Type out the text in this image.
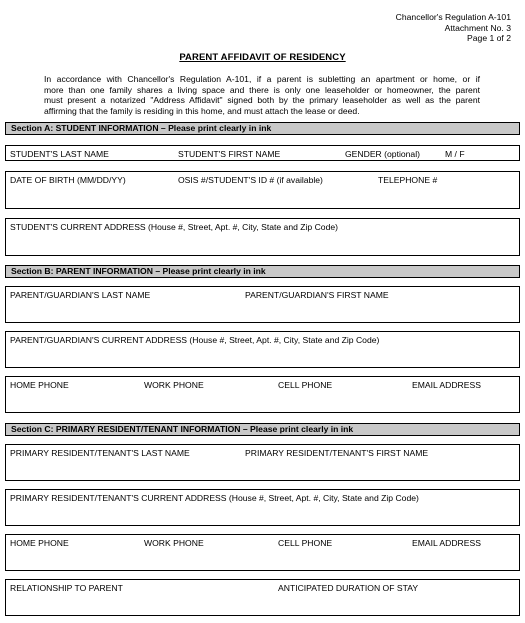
Chancellor's Regulation A-101
Attachment No. 3
Page 1 of 2
PARENT AFFIDAVIT OF RESIDENCY
In accordance with Chancellor's Regulation A-101, if a parent is subletting an apartment or home, or if
more than one family shares a living space and there is only one leaseholder or homeowner, the parent
must present a notarized "Address Affidavit" signed both by the primary leaseholder as well as the parent
affirming that the family is residing in this home, and must attach the lease or deed.
Section A: STUDENT INFORMATION – Please print clearly in ink
STUDENT'S LAST NAME	STUDENT'S FIRST NAME	GENDER (optional)	M / F
DATE OF BIRTH (MM/DD/YY)	OSIS #/STUDENT'S ID # (if available)	TELEPHONE #
STUDENT'S CURRENT ADDRESS (House #, Street, Apt. #, City, State and Zip Code)
Section B: PARENT INFORMATION – Please print clearly in ink
PARENT/GUARDIAN'S LAST NAME	PARENT/GUARDIAN'S FIRST NAME
PARENT/GUARDIAN'S CURRENT ADDRESS (House #, Street, Apt. #, City, State and Zip Code)
HOME PHONE	WORK PHONE	CELL PHONE	EMAIL ADDRESS
Section C: PRIMARY RESIDENT/TENANT INFORMATION – Please print clearly in ink
PRIMARY RESIDENT/TENANT'S LAST NAME	PRIMARY RESIDENT/TENANT'S FIRST NAME
PRIMARY RESIDENT/TENANT'S CURRENT ADDRESS (House #, Street, Apt. #, City, State and Zip Code)
HOME PHONE	WORK PHONE	CELL PHONE	EMAIL ADDRESS
RELATIONSHIP TO PARENT	ANTICIPATED DURATION OF STAY
